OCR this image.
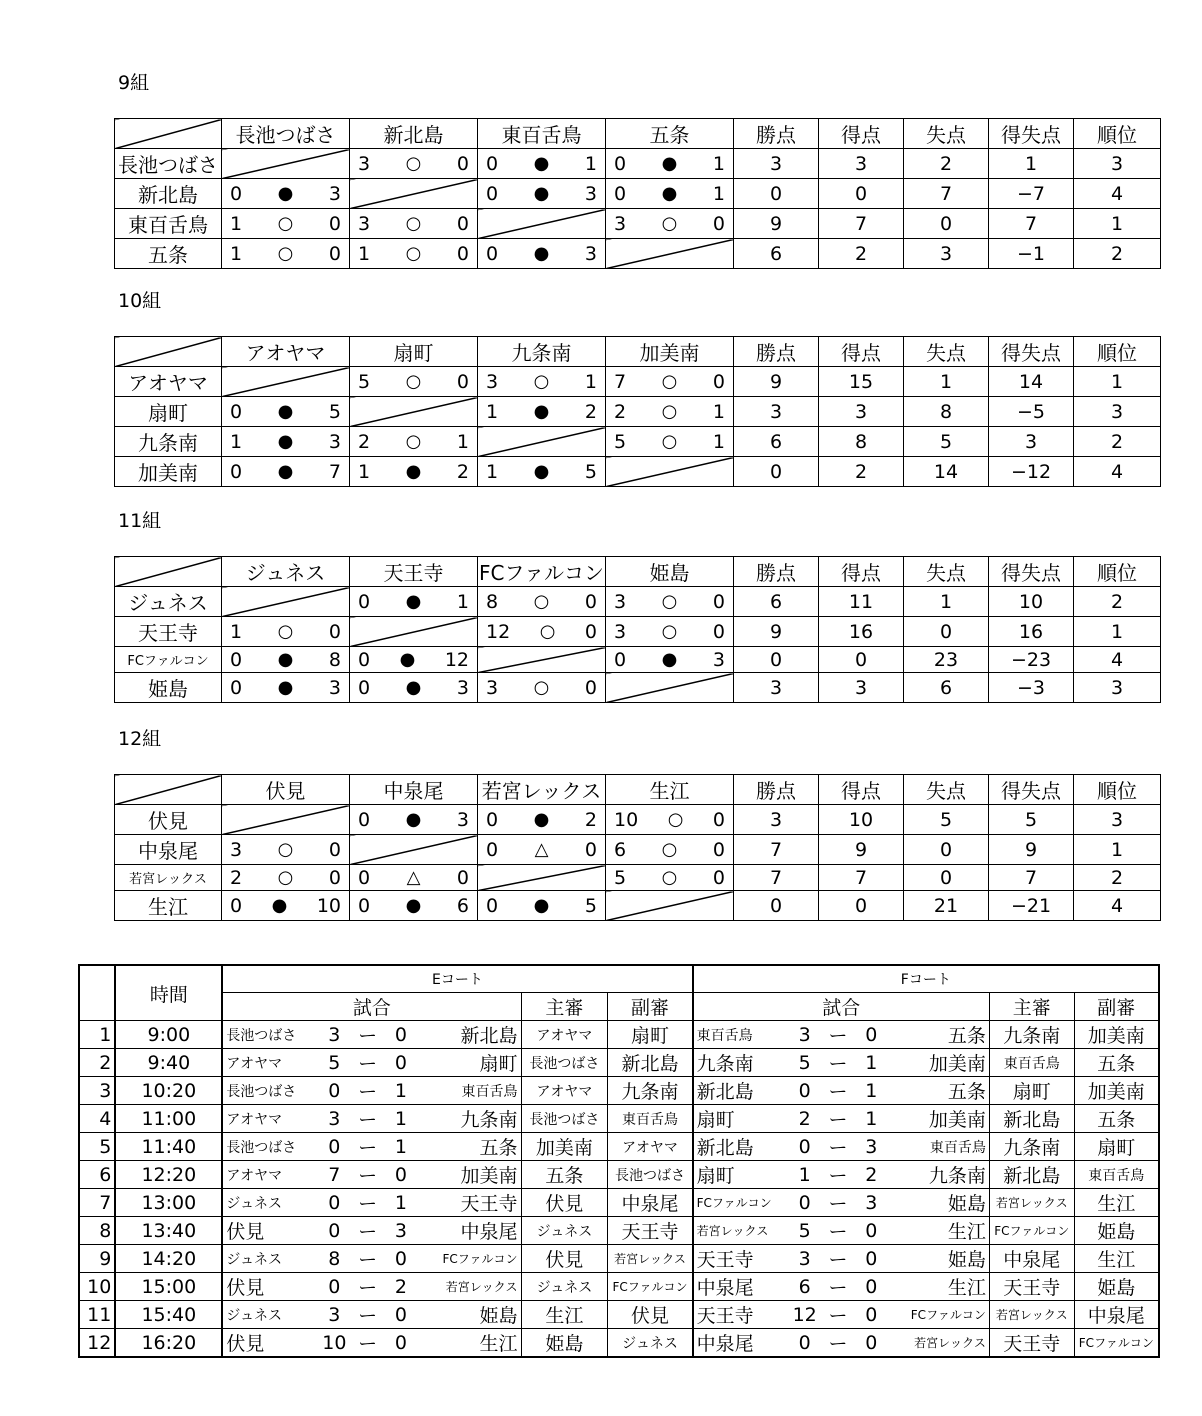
9組
	長池つばさ	新北島	東百舌鳥	五条	勝点	得点	失点	得失点	順位
長池つばさ		3 ○ 0	0 ● 1	0 ● 1	3	3	2	1	3
新北島	0 ● 3		0 ● 3	0 ● 1	0	0	7	−7	4
東百舌鳥	1 ○ 0	3 ○ 0		3 ○ 0	9	7	0	7	1
五条	1 ○ 0	1 ○ 0	0 ● 3		6	2	3	−1	2
10組
	アオヤマ	扇町	九条南	加美南	勝点	得点	失点	得失点	順位
アオヤマ		5 ○ 0	3 ○ 1	7 ○ 0	9	15	1	14	1
扇町	0 ● 5		1 ● 2	2 ○ 1	3	3	8	−5	3
九条南	1 ● 3	2 ○ 1		5 ○ 1	6	8	5	3	2
加美南	0 ● 7	1 ● 2	1 ● 5		0	2	14	−12	4
11組
	ジュネス	天王寺	FCファルコン	姫島	勝点	得点	失点	得失点	順位
ジュネス		0 ● 1	8 ○ 0	3 ○ 0	6	11	1	10	2
天王寺	1 ○ 0		12 ○ 0	3 ○ 0	9	16	0	16	1
FCファルコン	0 ● 8	0 ● 12		0 ● 3	0	0	23	−23	4
姫島	0 ● 3	0 ● 3	3 ○ 0		3	3	6	−3	3
12組
	伏見	中泉尾	若宮レックス	生江	勝点	得点	失点	得失点	順位
伏見		0 ● 3	0 ● 2	10 ○ 0	3	10	5	5	3
中泉尾	3 ○ 0		0 △ 0	6 ○ 0	7	9	0	9	1
若宮レックス	2 ○ 0	0 △ 0		5 ○ 0	7	7	0	7	2
生江	0 ● 10	0 ● 6	0 ● 5		0	0	21	−21	4
	時間	Eコート							Fコート						
		試合					主審	副審	試合					主審	副審
1	9:00	長池つばさ	3	ー	0	新北島	アオヤマ	扇町	東百舌鳥	3	ー	0	五条	九条南	加美南
2	9:40	アオヤマ	5	ー	0	扇町	長池つばさ	新北島	九条南	5	ー	1	加美南	東百舌鳥	五条
3	10:20	長池つばさ	0	ー	1	東百舌鳥	アオヤマ	九条南	新北島	0	ー	1	五条	扇町	加美南
4	11:00	アオヤマ	3	ー	1	九条南	長池つばさ	東百舌鳥	扇町	2	ー	1	加美南	新北島	五条
5	11:40	長池つばさ	0	ー	1	五条	加美南	アオヤマ	新北島	0	ー	3	東百舌鳥	九条南	扇町
6	12:20	アオヤマ	7	ー	0	加美南	五条	長池つばさ	扇町	1	ー	2	九条南	新北島	東百舌鳥
7	13:00	ジュネス	0	ー	1	天王寺	伏見	中泉尾	FCファルコン	0	ー	3	姫島	若宮レックス	生江
8	13:40	伏見	0	ー	3	中泉尾	ジュネス	天王寺	若宮レックス	5	ー	0	生江	FCファルコン	姫島
9	14:20	ジュネス	8	ー	0	FCファルコン	伏見	若宮レックス	天王寺	3	ー	0	姫島	中泉尾	生江
10	15:00	伏見	0	ー	2	若宮レックス	ジュネス	FCファルコン	中泉尾	6	ー	0	生江	天王寺	姫島
11	15:40	ジュネス	3	ー	0	姫島	生江	伏見	天王寺	12	ー	0	FCファルコン	若宮レックス	中泉尾
12	16:20	伏見	10	ー	0	生江	姫島	ジュネス	中泉尾	0	ー	0	若宮レックス	天王寺	FCファルコン
